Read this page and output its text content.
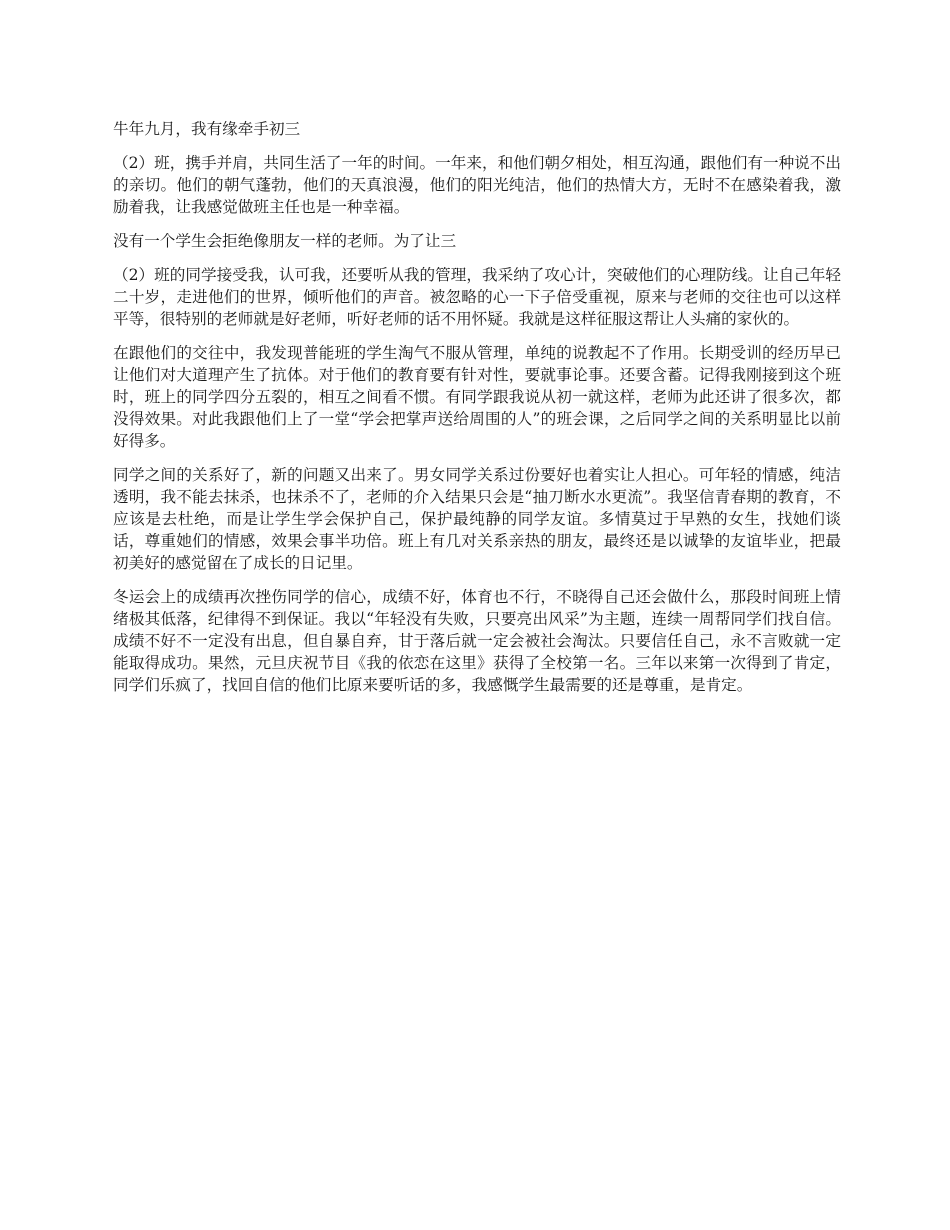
牛年九月，我有缘牵手初三

（2）班，携手并肩，共同生活了一年的时间。一年来，和他们朝夕相处，相互沟通，跟他们有一种说不出的亲切。他们的朝气蓬勃，他们的天真浪漫，他们的阳光纯洁，他们的热情大方，无时不在感染着我，激励着我，让我感觉做班主任也是一种幸福。

没有一个学生会拒绝像朋友一样的老师。为了让三

（2）班的同学接受我，认可我，还要听从我的管理，我采纳了攻心计，突破他们的心理防线。让自己年轻二十岁，走进他们的世界，倾听他们的声音。被忽略的心一下子倍受重视，原来与老师的交往也可以这样平等，很特别的老师就是好老师，听好老师的话不用怀疑。我就是这样征服这帮让人头痛的家伙的。

在跟他们的交往中，我发现普能班的学生淘气不服从管理，单纯的说教起不了作用。长期受训的经历早已让他们对大道理产生了抗体。对于他们的教育要有针对性，要就事论事。还要含蓄。记得我刚接到这个班时，班上的同学四分五裂的，相互之间看不惯。有同学跟我说从初一就这样，老师为此还讲了很多次，都没得效果。对此我跟他们上了一堂“学会把掌声送给周围的人”的班会课，之后同学之间的关系明显比以前好得多。

同学之间的关系好了，新的问题又出来了。男女同学关系过份要好也着实让人担心。可年轻的情感，纯洁透明，我不能去抹杀，也抹杀不了，老师的介入结果只会是“抽刀断水水更流”。我坚信青春期的教育，不应该是去杜绝，而是让学生学会保护自己，保护最纯静的同学友谊。多情莫过于早熟的女生，找她们谈话，尊重她们的情感，效果会事半功倍。班上有几对关系亲热的朋友，最终还是以诚挚的友谊毕业，把最初美好的感觉留在了成长的日记里。

冬运会上的成绩再次挫伤同学的信心，成绩不好，体育也不行，不晓得自己还会做什么，那段时间班上情绪极其低落，纪律得不到保证。我以“年轻没有失败，只要亮出风采”为主题，连续一周帮同学们找自信。成绩不好不一定没有出息，但自暴自弃，甘于落后就一定会被社会淘汰。只要信任自己，永不言败就一定能取得成功。果然，元旦庆祝节目《我的依恋在这里》获得了全校第一名。三年以来第一次得到了肯定，同学们乐疯了，找回自信的他们比原来要听话的多，我感慨学生最需要的还是尊重，是肯定。
